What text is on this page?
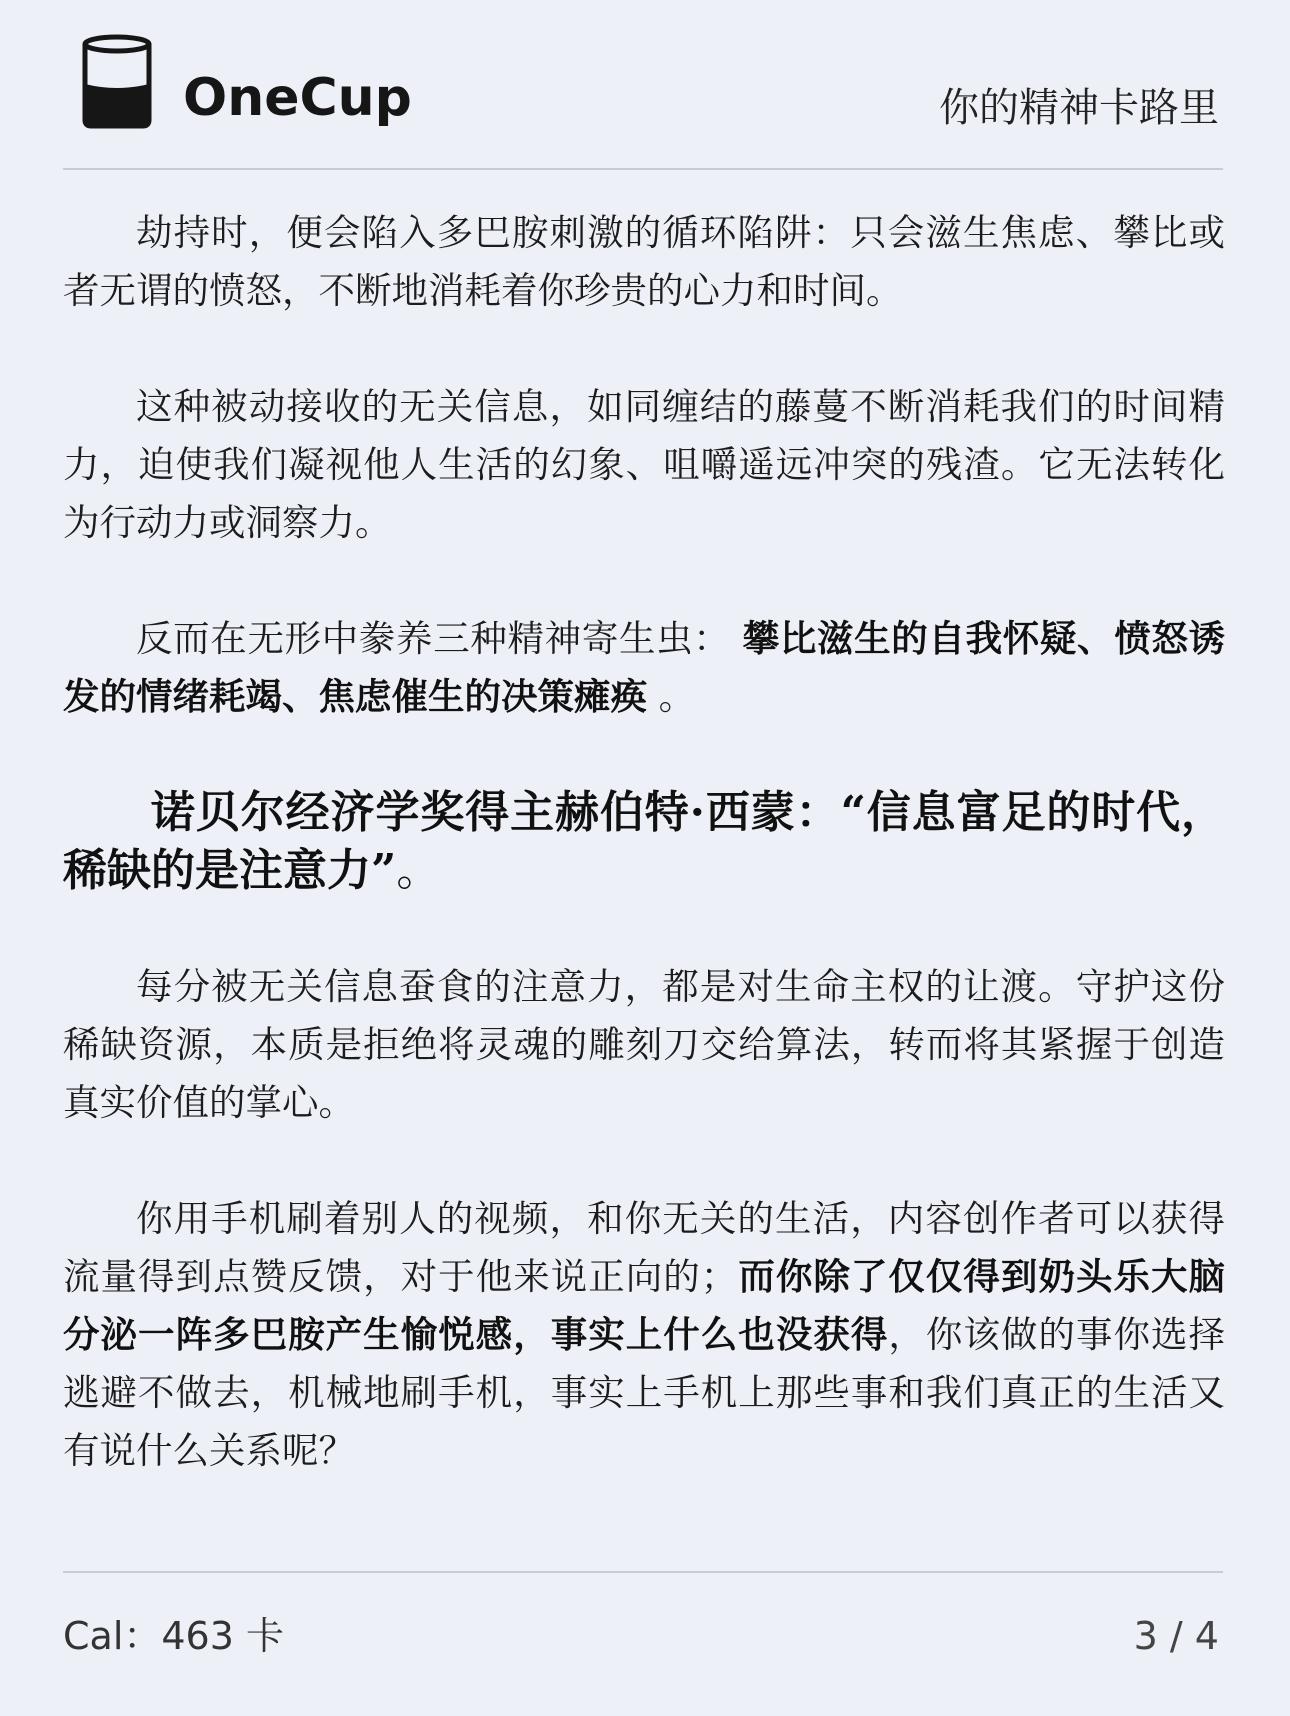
OneCup	你的精神卡路里

劫持时，便会陷入多巴胺刺激的循环陷阱：只会滋生焦虑、攀比或者无谓的愤怒，不断地消耗着你珍贵的心力和时间。

这种被动接收的无关信息，如同缠结的藤蔓不断消耗我们的时间精力，迫使我们凝视他人生活的幻象、咀嚼遥远冲突的残渣。它无法转化为行动力或洞察力。

反而在无形中豢养三种精神寄生虫： 攀比滋生的自我怀疑、愤怒诱发的情绪耗竭、焦虑催生的决策瘫痪 。

诺贝尔经济学奖得主赫伯特·西蒙：“信息富足的时代，稀缺的是注意力”。

每分被无关信息蚕食的注意力，都是对生命主权的让渡。守护这份稀缺资源，本质是拒绝将灵魂的雕刻刀交给算法，转而将其紧握于创造真实价值的掌心。

你用手机刷着别人的视频，和你无关的生活，内容创作者可以获得流量得到点赞反馈，对于他来说正向的；而你除了仅仅得到奶头乐大脑分泌一阵多巴胺产生愉悦感，事实上什么也没获得，你该做的事你选择逃避不做去，机械地刷手机，事实上手机上那些事和我们真正的生活又有说什么关系呢？

Cal：463 卡	3 / 4
